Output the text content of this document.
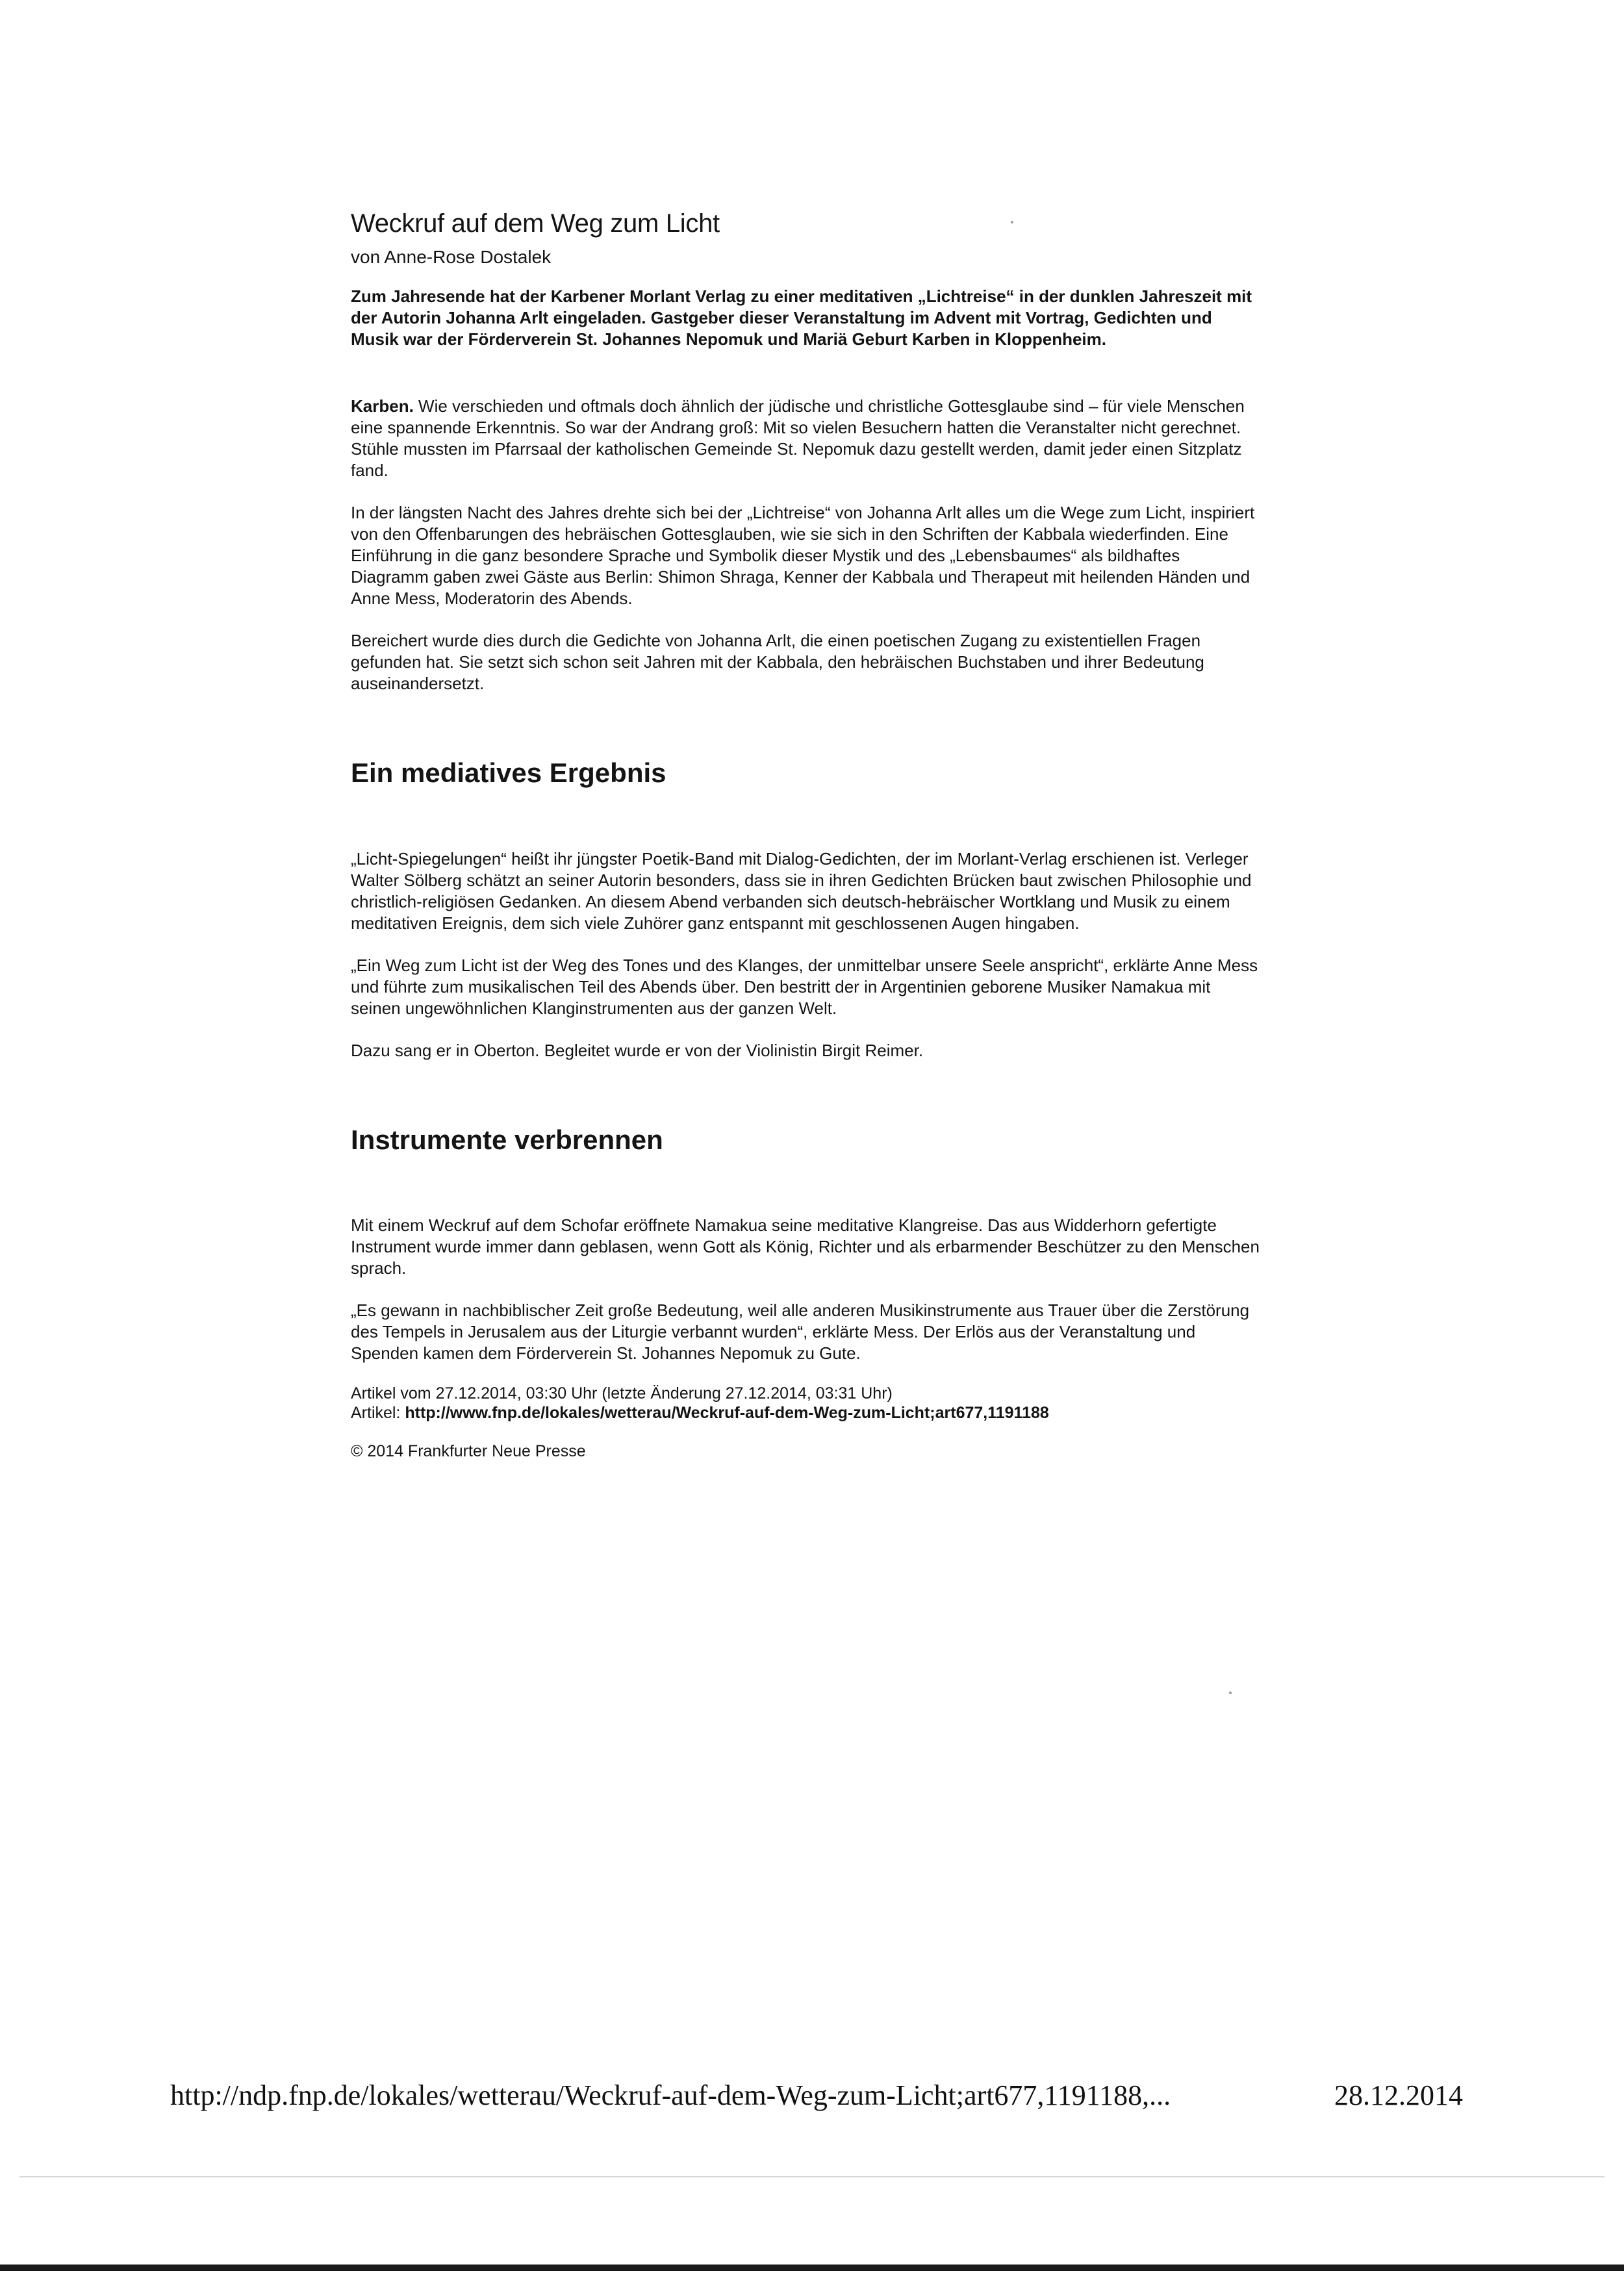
Weckruf auf dem Weg zum Licht

von Anne-Rose Dostalek

Zum Jahresende hat der Karbener Morlant Verlag zu einer meditativen „Lichtreise“ in der dunklen Jahreszeit mit der Autorin Johanna Arlt eingeladen. Gastgeber dieser Veranstaltung im Advent mit Vortrag, Gedichten und Musik war der Förderverein St. Johannes Nepomuk und Mariä Geburt Karben in Kloppenheim.

Karben. Wie verschieden und oftmals doch ähnlich der jüdische und christliche Gottesglaube sind – für viele Menschen eine spannende Erkenntnis. So war der Andrang groß: Mit so vielen Besuchern hatten die Veranstalter nicht gerechnet. Stühle mussten im Pfarrsaal der katholischen Gemeinde St. Nepomuk dazu gestellt werden, damit jeder einen Sitzplatz fand.

In der längsten Nacht des Jahres drehte sich bei der „Lichtreise“ von Johanna Arlt alles um die Wege zum Licht, inspiriert von den Offenbarungen des hebräischen Gottesglauben, wie sie sich in den Schriften der Kabbala wiederfinden. Eine Einführung in die ganz besondere Sprache und Symbolik dieser Mystik und des „Lebensbaumes“ als bildhaftes Diagramm gaben zwei Gäste aus Berlin: Shimon Shraga, Kenner der Kabbala und Therapeut mit heilenden Händen und Anne Mess, Moderatorin des Abends.

Bereichert wurde dies durch die Gedichte von Johanna Arlt, die einen poetischen Zugang zu existentiellen Fragen gefunden hat. Sie setzt sich schon seit Jahren mit der Kabbala, den hebräischen Buchstaben und ihrer Bedeutung auseinandersetzt.

Ein mediatives Ergebnis

„Licht-Spiegelungen“ heißt ihr jüngster Poetik-Band mit Dialog-Gedichten, der im Morlant-Verlag erschienen ist. Verleger Walter Sölberg schätzt an seiner Autorin besonders, dass sie in ihren Gedichten Brücken baut zwischen Philosophie und christlich-religiösen Gedanken. An diesem Abend verbanden sich deutsch-hebräischer Wortklang und Musik zu einem meditativen Ereignis, dem sich viele Zuhörer ganz entspannt mit geschlossenen Augen hingaben.

„Ein Weg zum Licht ist der Weg des Tones und des Klanges, der unmittelbar unsere Seele anspricht“, erklärte Anne Mess und führte zum musikalischen Teil des Abends über. Den bestritt der in Argentinien geborene Musiker Namakua mit seinen ungewöhnlichen Klanginstrumenten aus der ganzen Welt.

Dazu sang er in Oberton. Begleitet wurde er von der Violinistin Birgit Reimer.

Instrumente verbrennen

Mit einem Weckruf auf dem Schofar eröffnete Namakua seine meditative Klangreise. Das aus Widderhorn gefertigte Instrument wurde immer dann geblasen, wenn Gott als König, Richter und als erbarmender Beschützer zu den Menschen sprach.

„Es gewann in nachbiblischer Zeit große Bedeutung, weil alle anderen Musikinstrumente aus Trauer über die Zerstörung des Tempels in Jerusalem aus der Liturgie verbannt wurden“, erklärte Mess. Der Erlös aus der Veranstaltung und Spenden kamen dem Förderverein St. Johannes Nepomuk zu Gute.

Artikel vom 27.12.2014, 03:30 Uhr (letzte Änderung 27.12.2014, 03:31 Uhr)
Artikel: http://www.fnp.de/lokales/wetterau/Weckruf-auf-dem-Weg-zum-Licht;art677,1191188

© 2014 Frankfurter Neue Presse

http://ndp.fnp.de/lokales/wetterau/Weckruf-auf-dem-Weg-zum-Licht;art677,1191188,...	28.12.2014
